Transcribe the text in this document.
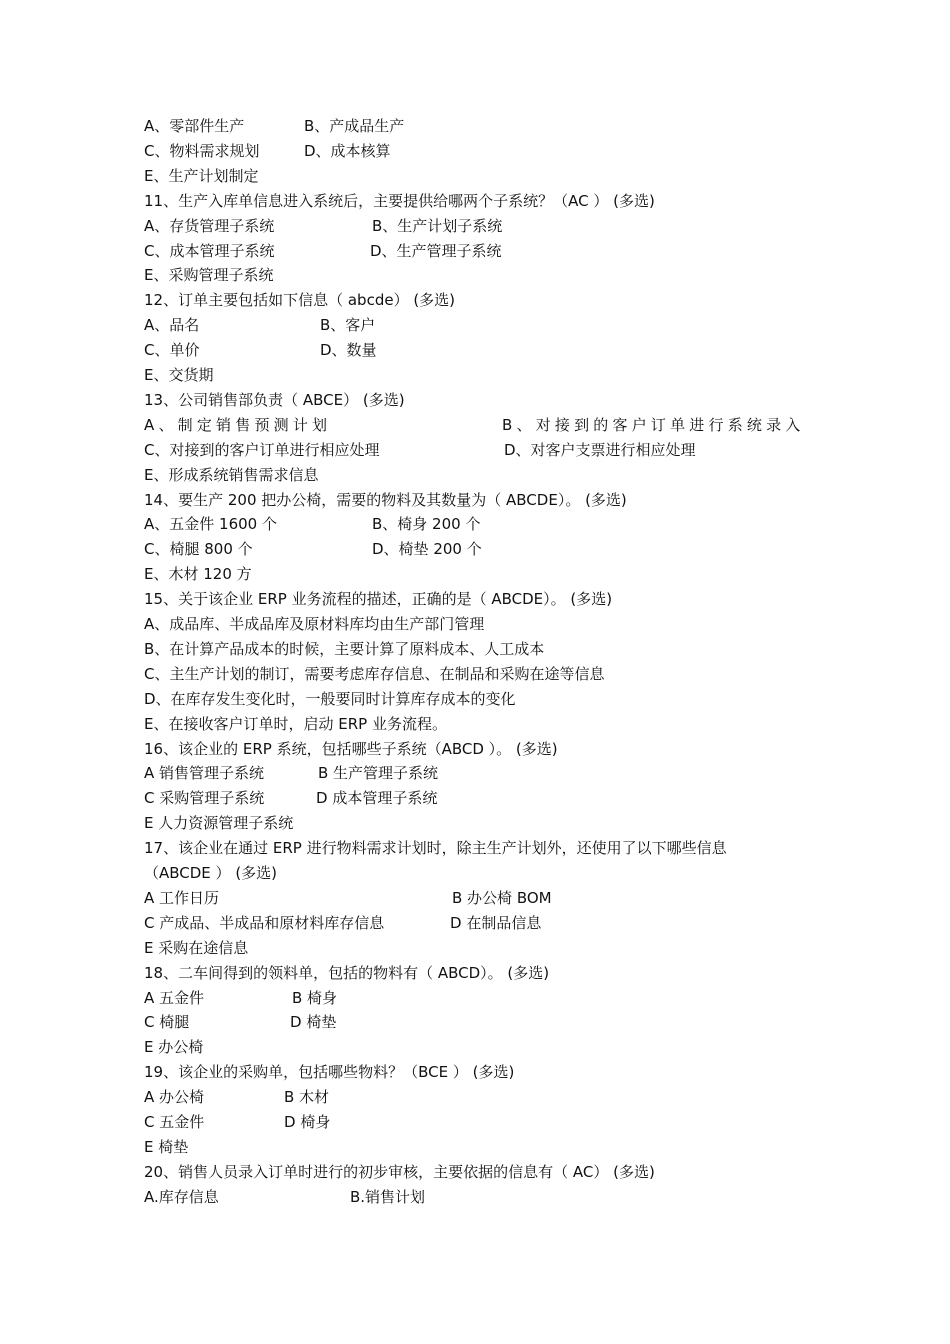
A、零部件生产	B、产成品生产
C、物料需求规划	D、成本核算
E、生产计划制定
11、生产入库单信息进入系统后，主要提供给哪两个子系统？（AC ） (多选)
A、存货管理子系统	B、生产计划子系统
C、成本管理子系统	D、生产管理子系统
E、采购管理子系统
12、订单主要包括如下信息（ abcde） (多选)
A、品名	B、客户
C、单价	D、数量
E、交货期
13、公司销售部负责（ ABCE） (多选)
A、制定销售预测计划	B、对接到的客户订单进行系统录入
C、对接到的客户订单进行相应处理	D、对客户支票进行相应处理
E、形成系统销售需求信息
14、要生产 200 把办公椅，需要的物料及其数量为（ ABCDE）。 (多选)
A、五金件 1600 个	B、椅身 200 个
C、椅腿 800 个	D、椅垫 200 个
E、木材 120 方
15、关于该企业 ERP 业务流程的描述，正确的是（ ABCDE）。 (多选)
A、成品库、半成品库及原材料库均由生产部门管理
B、在计算产品成本的时候，主要计算了原料成本、人工成本
C、主生产计划的制订，需要考虑库存信息、在制品和采购在途等信息
D、在库存发生变化时，一般要同时计算库存成本的变化
E、在接收客户订单时，启动 ERP 业务流程。
16、该企业的 ERP 系统，包括哪些子系统（ABCD ）。 (多选)
A 销售管理子系统	B 生产管理子系统
C 采购管理子系统	D 成本管理子系统
E 人力资源管理子系统
17、该企业在通过 ERP 进行物料需求计划时，除主生产计划外，还使用了以下哪些信息
（ABCDE ） (多选)
A 工作日历	B 办公椅 BOM
C 产成品、半成品和原材料库存信息	D 在制品信息
E 采购在途信息
18、二车间得到的领料单，包括的物料有（ ABCD）。 (多选)
A 五金件	B 椅身
C 椅腿	D 椅垫
E 办公椅
19、该企业的采购单，包括哪些物料？（BCE ） (多选)
A 办公椅	B 木材
C 五金件	D 椅身
E 椅垫
20、销售人员录入订单时进行的初步审核，主要依据的信息有（ AC） (多选)
A.库存信息	B.销售计划
